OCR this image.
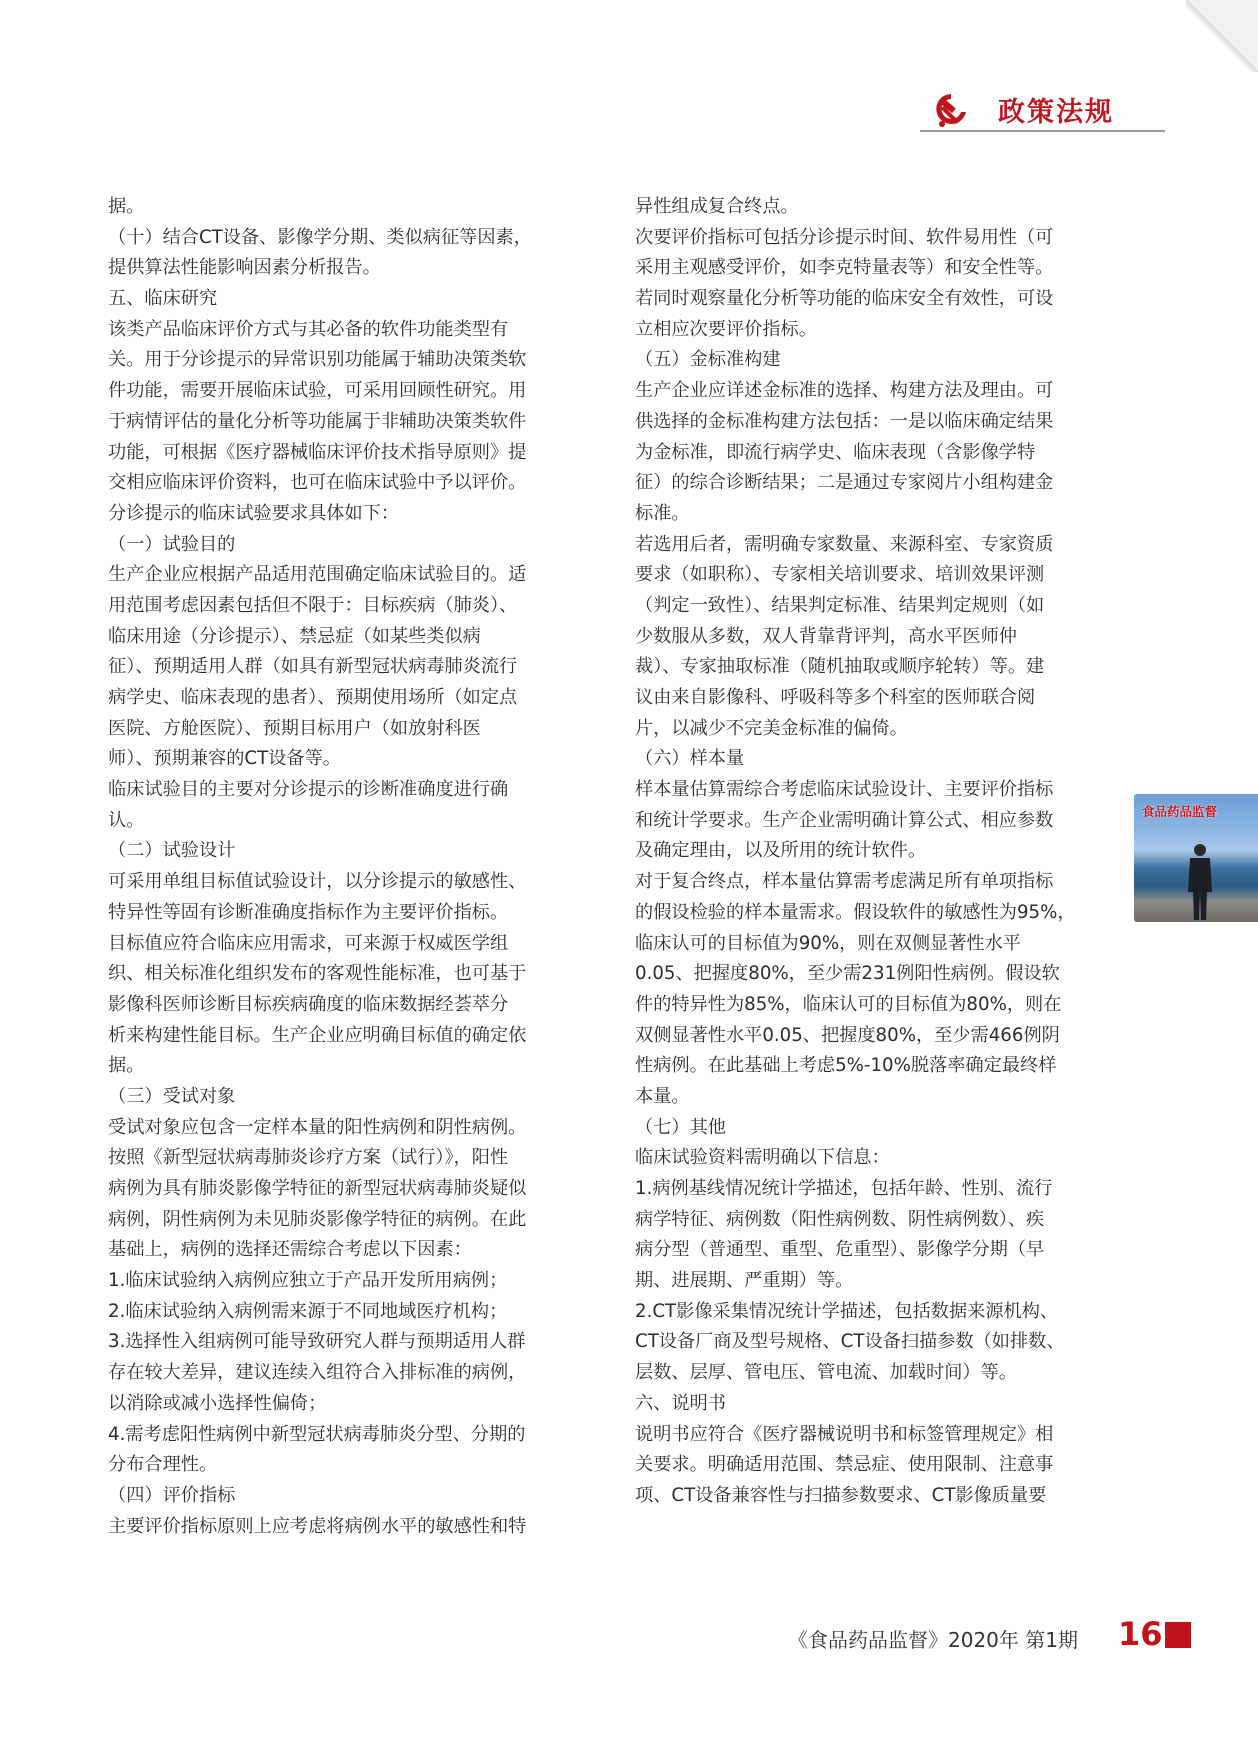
政策法规
据。
（十）结合CT设备、影像学分期、类似病征等因素，
提供算法性能影响因素分析报告。
五、临床研究
该类产品临床评价方式与其必备的软件功能类型有
关。用于分诊提示的异常识别功能属于辅助决策类软
件功能，需要开展临床试验，可采用回顾性研究。用
于病情评估的量化分析等功能属于非辅助决策类软件
功能，可根据《医疗器械临床评价技术指导原则》提
交相应临床评价资料，也可在临床试验中予以评价。
分诊提示的临床试验要求具体如下：
（一）试验目的
生产企业应根据产品适用范围确定临床试验目的。适
用范围考虑因素包括但不限于：目标疾病（肺炎）、
临床用途（分诊提示）、禁忌症（如某些类似病
征）、预期适用人群（如具有新型冠状病毒肺炎流行
病学史、临床表现的患者）、预期使用场所（如定点
医院、方舱医院）、预期目标用户（如放射科医
师）、预期兼容的CT设备等。
临床试验目的主要对分诊提示的诊断准确度进行确
认。
（二）试验设计
可采用单组目标值试验设计，以分诊提示的敏感性、
特异性等固有诊断准确度指标作为主要评价指标。
目标值应符合临床应用需求，可来源于权威医学组
织、相关标准化组织发布的客观性能标准，也可基于
影像科医师诊断目标疾病确度的临床数据经荟萃分
析来构建性能目标。生产企业应明确目标值的确定依
据。
（三）受试对象
受试对象应包含一定样本量的阳性病例和阴性病例。
按照《新型冠状病毒肺炎诊疗方案（试行）》，阳性
病例为具有肺炎影像学特征的新型冠状病毒肺炎疑似
病例，阴性病例为未见肺炎影像学特征的病例。在此
基础上，病例的选择还需综合考虑以下因素：
1.临床试验纳入病例应独立于产品开发所用病例；
2.临床试验纳入病例需来源于不同地域医疗机构；
3.选择性入组病例可能导致研究人群与预期适用人群
存在较大差异，建议连续入组符合入排标准的病例，
以消除或减小选择性偏倚；
4.需考虑阳性病例中新型冠状病毒肺炎分型、分期的
分布合理性。
（四）评价指标
主要评价指标原则上应考虑将病例水平的敏感性和特
异性组成复合终点。
次要评价指标可包括分诊提示时间、软件易用性（可
采用主观感受评价，如李克特量表等）和安全性等。
若同时观察量化分析等功能的临床安全有效性，可设
立相应次要评价指标。
（五）金标准构建
生产企业应详述金标准的选择、构建方法及理由。可
供选择的金标准构建方法包括：一是以临床确定结果
为金标准，即流行病学史、临床表现（含影像学特
征）的综合诊断结果；二是通过专家阅片小组构建金
标准。
若选用后者，需明确专家数量、来源科室、专家资质
要求（如职称）、专家相关培训要求、培训效果评测
（判定一致性）、结果判定标准、结果判定规则（如
少数服从多数，双人背靠背评判，高水平医师仲
裁）、专家抽取标准（随机抽取或顺序轮转）等。建
议由来自影像科、呼吸科等多个科室的医师联合阅
片，以减少不完美金标准的偏倚。
（六）样本量
样本量估算需综合考虑临床试验设计、主要评价指标
和统计学要求。生产企业需明确计算公式、相应参数
及确定理由，以及所用的统计软件。
对于复合终点，样本量估算需考虑满足所有单项指标
的假设检验的样本量需求。假设软件的敏感性为95%，
临床认可的目标值为90%，则在双侧显著性水平
0.05、把握度80%，至少需231例阳性病例。假设软
件的特异性为85%，临床认可的目标值为80%，则在
双侧显著性水平0.05、把握度80%，至少需466例阴
性病例。在此基础上考虑5%-10%脱落率确定最终样
本量。
（七）其他
临床试验资料需明确以下信息：
1.病例基线情况统计学描述，包括年龄、性别、流行
病学特征、病例数（阳性病例数、阴性病例数）、疾
病分型（普通型、重型、危重型）、影像学分期（早
期、进展期、严重期）等。
2.CT影像采集情况统计学描述，包括数据来源机构、
CT设备厂商及型号规格、CT设备扫描参数（如排数、
层数、层厚、管电压、管电流、加载时间）等。
六、说明书
说明书应符合《医疗器械说明书和标签管理规定》相
关要求。明确适用范围、禁忌症、使用限制、注意事
项、CT设备兼容性与扫描参数要求、CT影像质量要
食品药品监督
《食品药品监督》2020年 第1期 16
